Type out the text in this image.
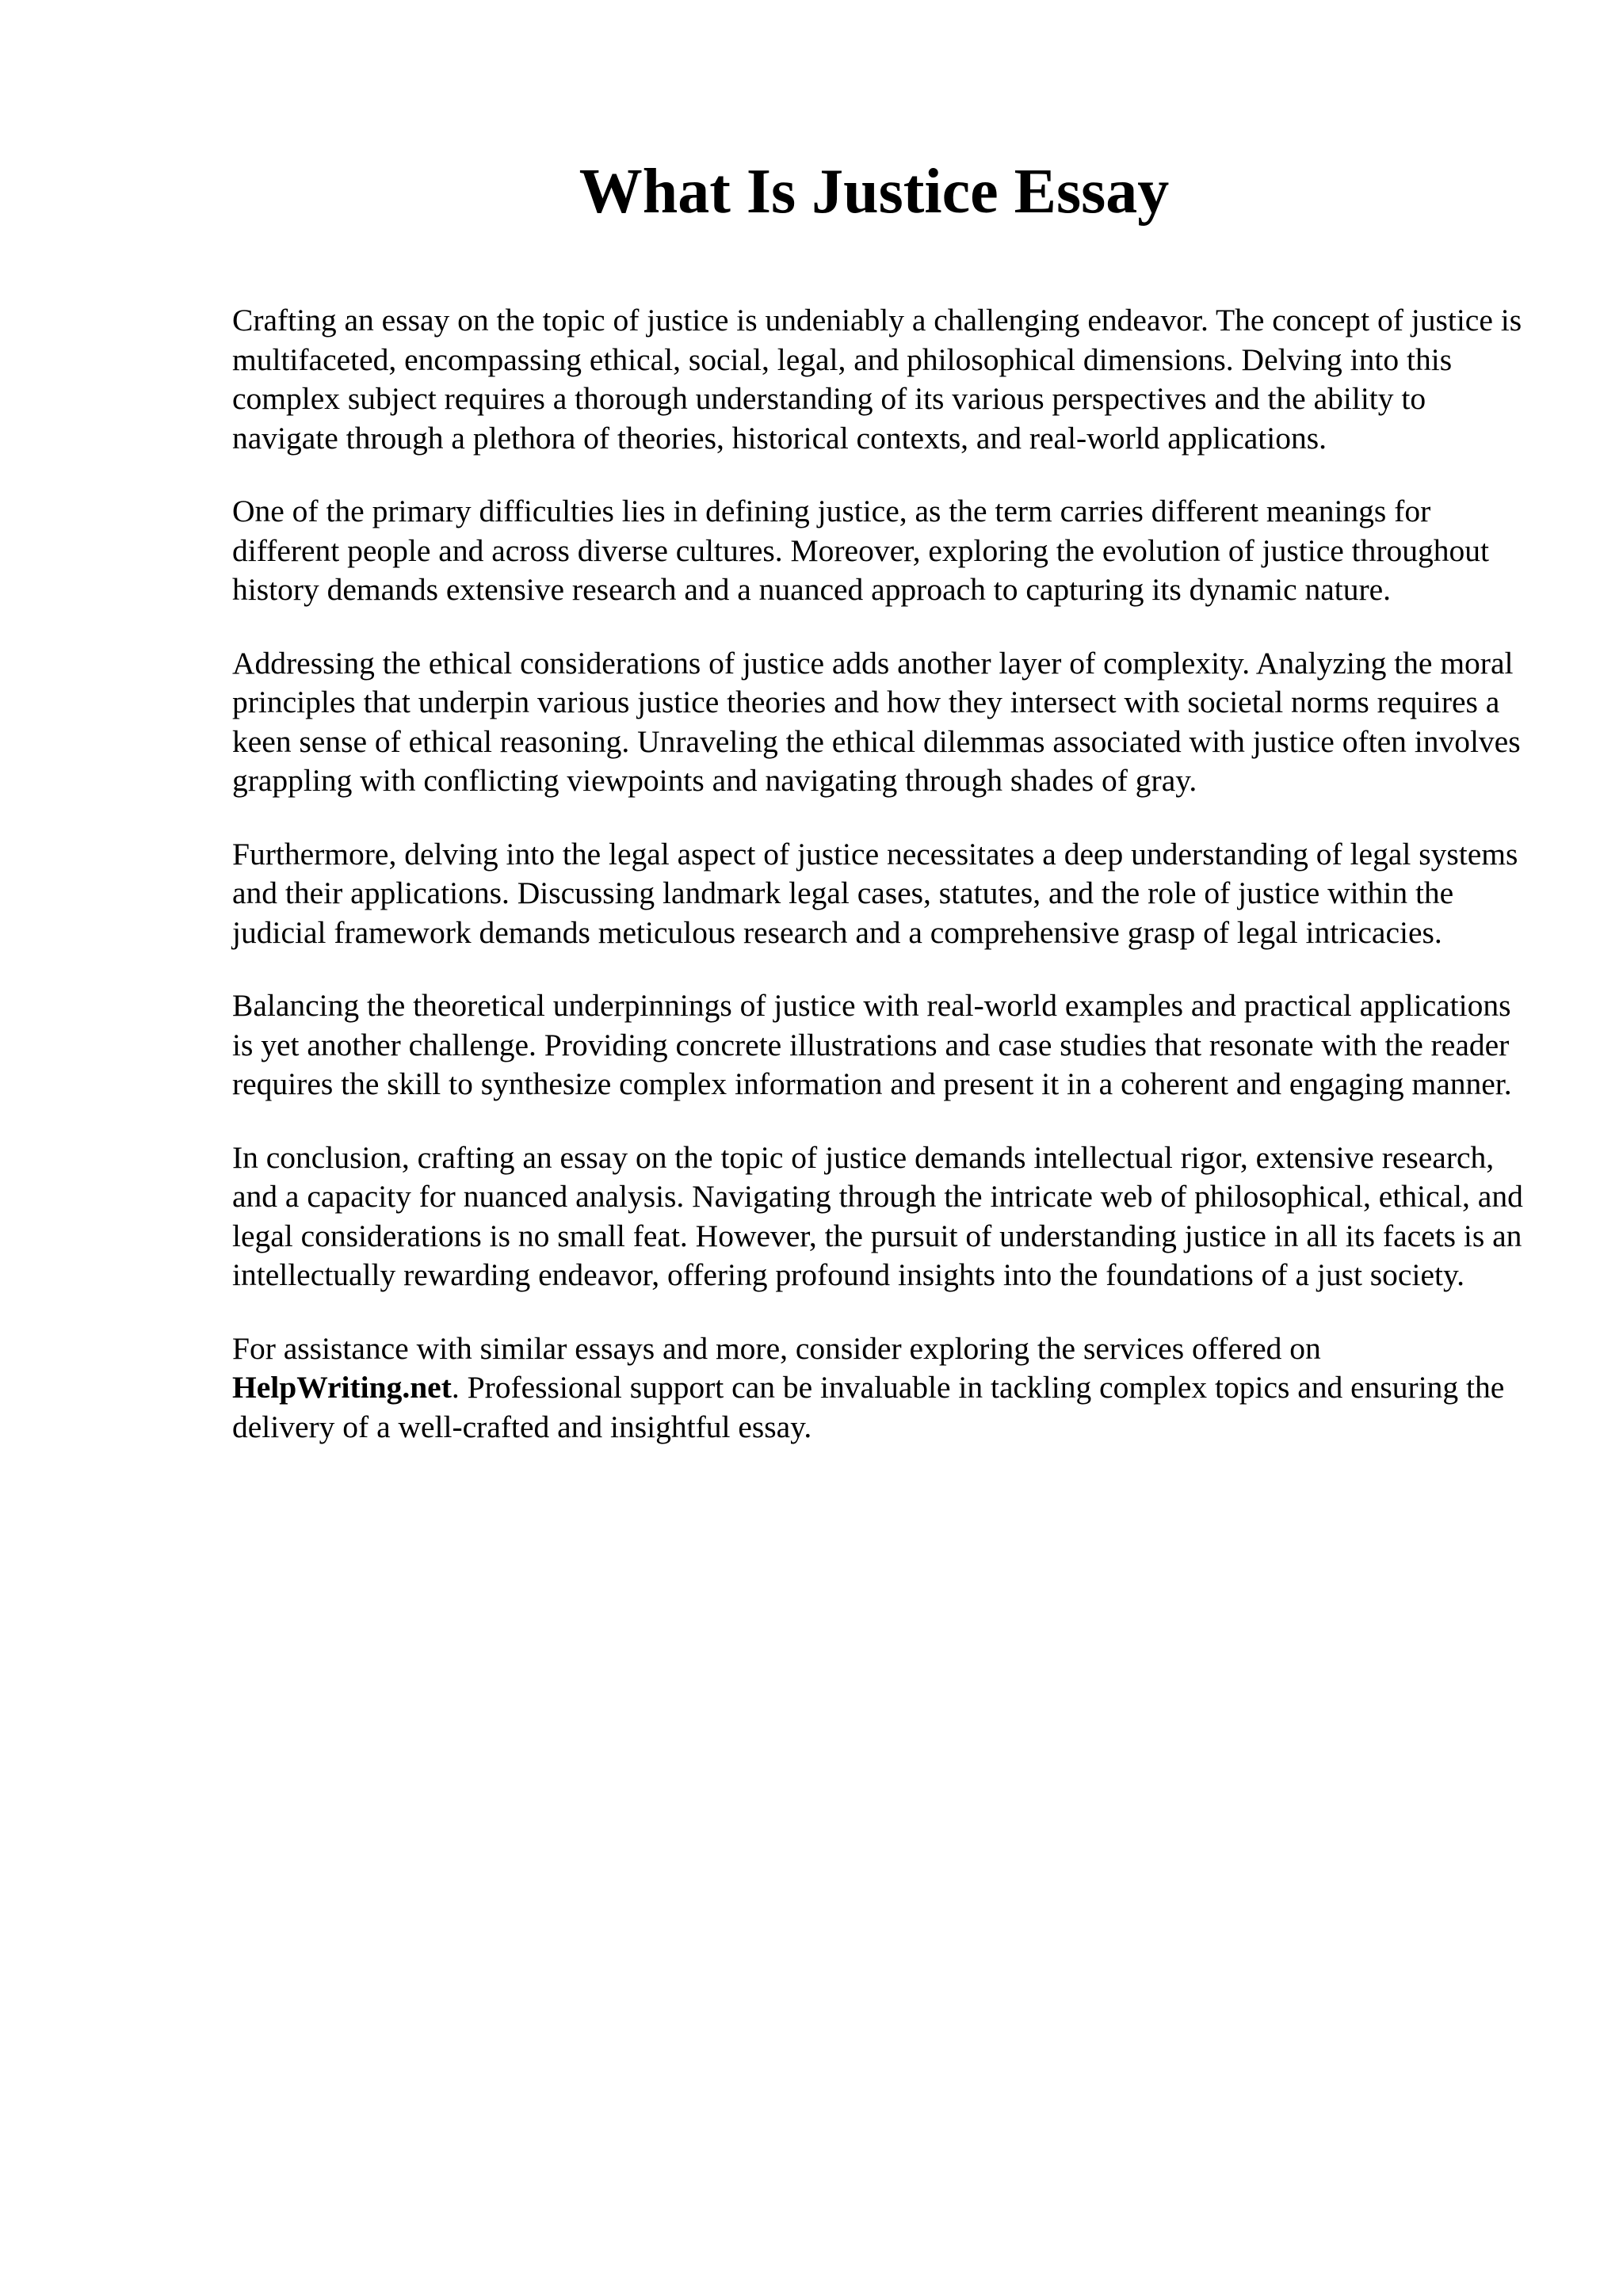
What Is Justice Essay

Crafting an essay on the topic of justice is undeniably a challenging endeavor. The concept of justice is multifaceted, encompassing ethical, social, legal, and philosophical dimensions. Delving into this complex subject requires a thorough understanding of its various perspectives and the ability to navigate through a plethora of theories, historical contexts, and real-world applications.

One of the primary difficulties lies in defining justice, as the term carries different meanings for different people and across diverse cultures. Moreover, exploring the evolution of justice throughout history demands extensive research and a nuanced approach to capturing its dynamic nature.

Addressing the ethical considerations of justice adds another layer of complexity. Analyzing the moral principles that underpin various justice theories and how they intersect with societal norms requires a keen sense of ethical reasoning. Unraveling the ethical dilemmas associated with justice often involves grappling with conflicting viewpoints and navigating through shades of gray.

Furthermore, delving into the legal aspect of justice necessitates a deep understanding of legal systems and their applications. Discussing landmark legal cases, statutes, and the role of justice within the judicial framework demands meticulous research and a comprehensive grasp of legal intricacies.

Balancing the theoretical underpinnings of justice with real-world examples and practical applications is yet another challenge. Providing concrete illustrations and case studies that resonate with the reader requires the skill to synthesize complex information and present it in a coherent and engaging manner.

In conclusion, crafting an essay on the topic of justice demands intellectual rigor, extensive research, and a capacity for nuanced analysis. Navigating through the intricate web of philosophical, ethical, and legal considerations is no small feat. However, the pursuit of understanding justice in all its facets is an intellectually rewarding endeavor, offering profound insights into the foundations of a just society.

For assistance with similar essays and more, consider exploring the services offered on HelpWriting.net. Professional support can be invaluable in tackling complex topics and ensuring the delivery of a well-crafted and insightful essay.
